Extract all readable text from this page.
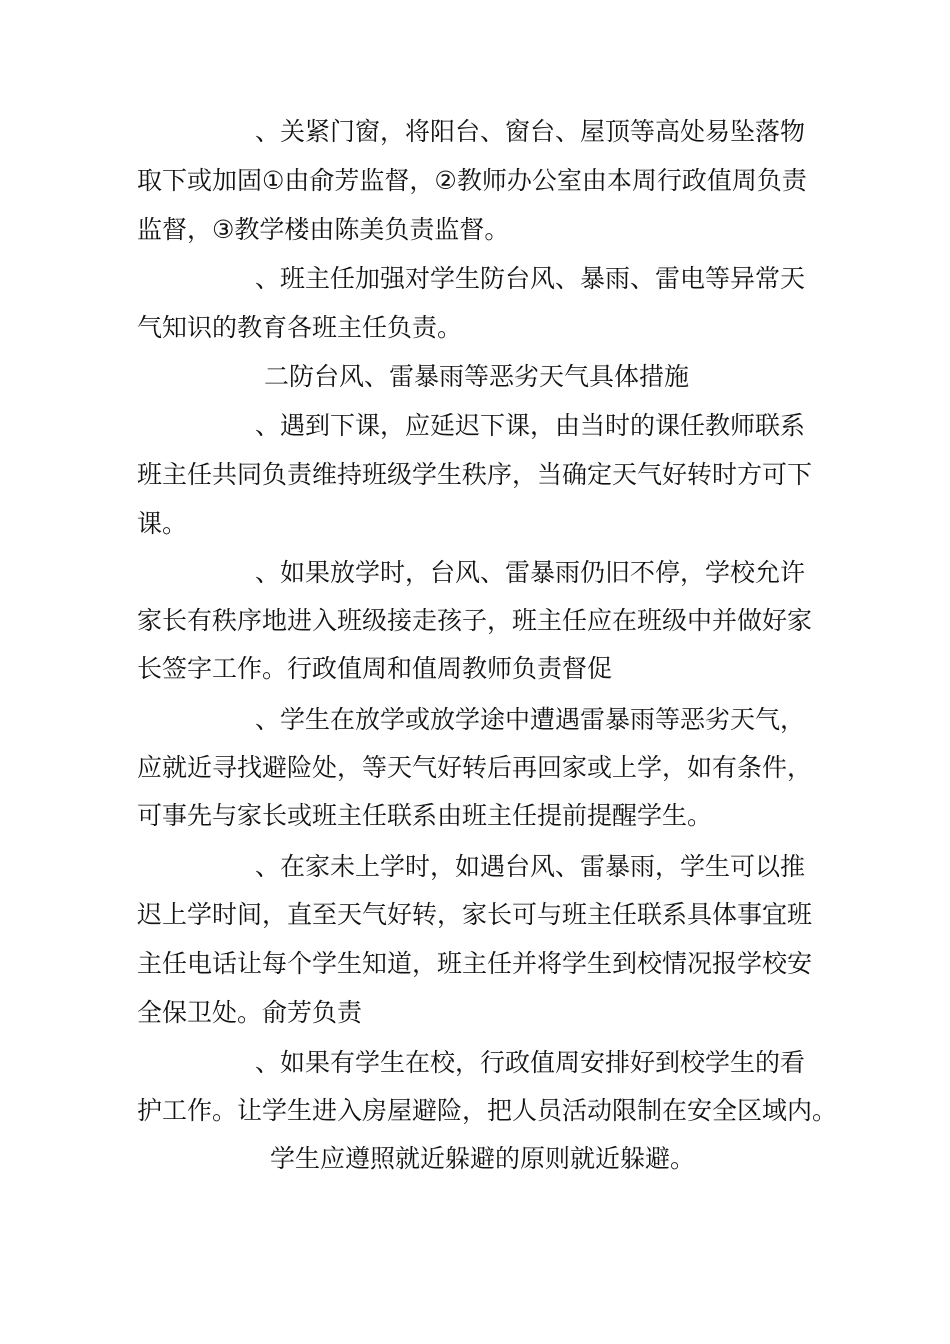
、关紧门窗，将阳台、窗台、屋顶等高处易坠落物
取下或加固①由俞芳监督，②教师办公室由本周行政值周负责
监督，③教学楼由陈美负责监督。
、班主任加强对学生防台风、暴雨、雷电等异常天
气知识的教育各班主任负责。
二防台风、雷暴雨等恶劣天气具体措施
、遇到下课，应延迟下课，由当时的课任教师联系
班主任共同负责维持班级学生秩序，当确定天气好转时方可下
课。
、如果放学时，台风、雷暴雨仍旧不停，学校允许
家长有秩序地进入班级接走孩子，班主任应在班级中并做好家
长签字工作。行政值周和值周教师负责督促
、学生在放学或放学途中遭遇雷暴雨等恶劣天气，
应就近寻找避险处，等天气好转后再回家或上学，如有条件，
可事先与家长或班主任联系由班主任提前提醒学生。
、在家未上学时，如遇台风、雷暴雨，学生可以推
迟上学时间，直至天气好转，家长可与班主任联系具体事宜班
主任电话让每个学生知道，班主任并将学生到校情况报学校安
全保卫处。俞芳负责
、如果有学生在校，行政值周安排好到校学生的看
护工作。让学生进入房屋避险，把人员活动限制在安全区域内。
学生应遵照就近躲避的原则就近躲避。
